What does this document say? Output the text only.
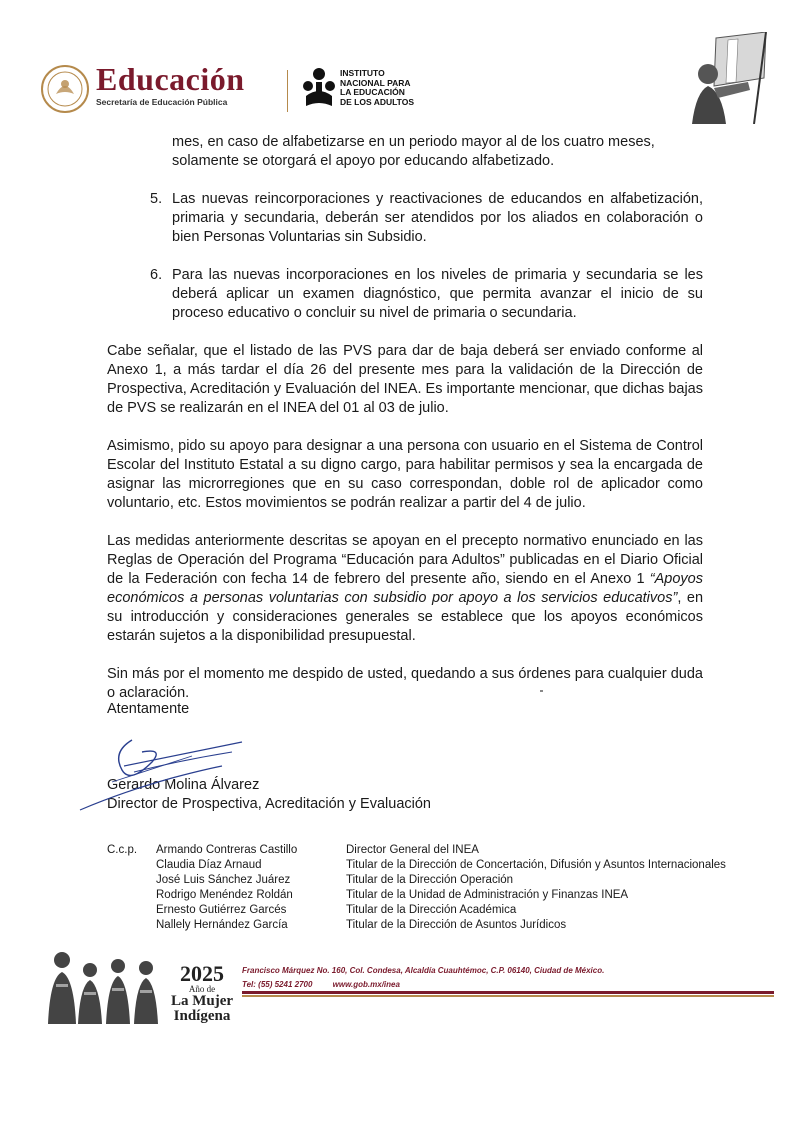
Educación
Secretaría de Educación Pública
INSTITUTO
NACIONAL PARA
LA EDUCACIÓN
DE LOS ADULTOS
mes, en caso de alfabetizarse en un periodo mayor al de los cuatro meses,
solamente se otorgará el apoyo por educando alfabetizado.
5. Las nuevas reincorporaciones y reactivaciones de educandos en alfabetización, primaria y secundaria, deberán ser atendidos por los aliados en colaboración o bien Personas Voluntarias sin Subsidio.
6. Para las nuevas incorporaciones en los niveles de primaria y secundaria se les deberá aplicar un examen diagnóstico, que permita avanzar el inicio de su proceso educativo o concluir su nivel de primaria o secundaria.

Cabe señalar, que el listado de las PVS para dar de baja deberá ser enviado conforme al Anexo 1, a más tardar el día 26 del presente mes para la validación de la Dirección de Prospectiva, Acreditación y Evaluación del INEA. Es importante mencionar, que dichas bajas de PVS se realizarán en el INEA del 01 al 03 de julio.

Asimismo, pido su apoyo para designar a una persona con usuario en el Sistema de Control Escolar del Instituto Estatal a su digno cargo, para habilitar permisos y sea la encargada de asignar las microrregiones que en su caso correspondan, doble rol de aplicador como voluntario, etc. Estos movimientos se podrán realizar a partir del 4 de julio.

Las medidas anteriormente descritas se apoyan en el precepto normativo enunciado en las Reglas de Operación del Programa “Educación para Adultos” publicadas en el Diario Oficial de la Federación con fecha 14 de febrero del presente año, siendo en el Anexo 1 “Apoyos económicos a personas voluntarias con subsidio por apoyo a los servicios educativos”, en su introducción y consideraciones generales se establece que los apoyos económicos estarán sujetos a la disponibilidad presupuestal.

Sin más por el momento me despido de usted, quedando a sus órdenes para cualquier duda o aclaración.

Atentamente
Gerardo Molina Álvarez
Director de Prospectiva, Acreditación y Evaluación
C.c.p.	Armando Contreras Castillo
Claudia Díaz Arnaud
José Luis Sánchez Juárez
Rodrigo Menéndez Roldán
Ernesto Gutiérrez Garcés
Nallely Hernández García
Director General del INEA
Titular de la Dirección de Concertación, Difusión y Asuntos Internacionales
Titular de la Dirección Operación
Titular de la Unidad de Administración y Finanzas INEA
Titular de la Dirección Académica
Titular de la Dirección de Asuntos Jurídicos
2025
Año de
La Mujer
Indígena
Francisco Márquez No. 160, Col. Condesa, Alcaldía Cuauhtémoc, C.P. 06140, Ciudad de México.
Tel: (55) 5241 2700	www.gob.mx/inea
